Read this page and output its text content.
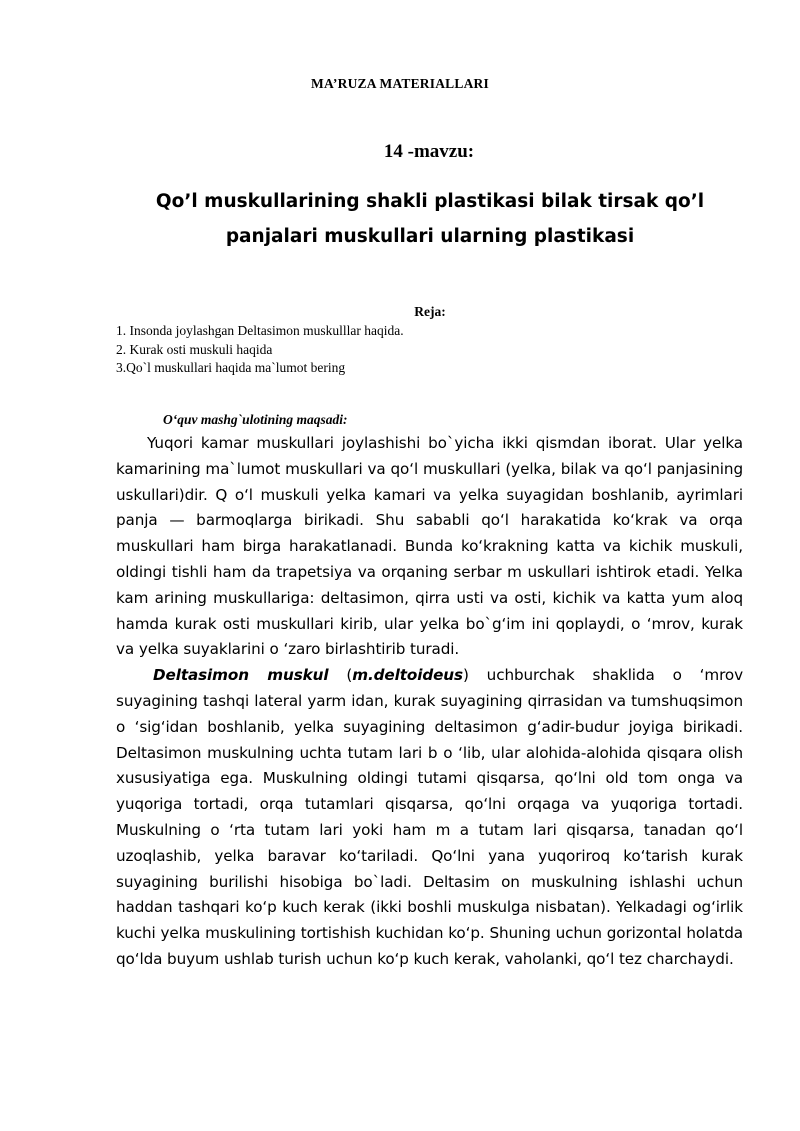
MA’RUZA MATERIALLARI
14 -mavzu:
Qo’l muskullarining shakli plastikasi bilak tirsak qo’l panjalari muskullari ularning plastikasi
Reja:
1. Insonda joylashgan Deltasimon muskulllar haqida.
2. Kurak osti muskuli haqida
3.Qo`l muskullari haqida ma`lumot bering
O‘quv mashg`ulotining maqsadi:

Yuqori kamar muskullari joylashishi bo`yicha ikki qismdan iborat. Ular yelka kamarining ma`lumot muskullari va qo‘l muskullari (yelka, bilak va qo‘l panjasining uskullari)dir. Q o‘l muskuli yelka kamari va yelka suyagidan boshlanib, ayrimlari panja — barmoqlarga birikadi. Shu sababli qo‘l harakatida ko‘krak va orqa muskullari ham birga harakatlanadi. Bunda ko‘krakning katta va kichik muskuli, oldingi tishli ham da trapetsiya va orqaning serbar m uskullari ishtirok etadi. Yelka kam arining muskullariga: deltasimon, qirra usti va osti, kichik va katta yum aloq hamda kurak osti muskullari kirib, ular yelka bo`g‘im ini qoplaydi, o ‘mrov, kurak va yelka suyaklarini o ‘zaro birlashtirib turadi.

Deltasimon muskul (m.deltoideus) uchburchak shaklida o ‘mrov suyagining tashqi lateral yarm idan, kurak suyagining qirrasidan va tumshuqsimon o ‘sig‘idan boshlanib, yelka suyagining deltasimon g‘adir-budur joyiga birikadi. Deltasimon muskulning uchta tutam lari b o ‘lib, ular alohida-alohida qisqara olish xususiyatiga ega. Muskulning oldingi tutami qisqarsa, qo‘lni old tom onga va yuqoriga tortadi, orqa tutamlari qisqarsa, qo‘lni orqaga va yuqoriga tortadi. Muskulning o ‘rta tutam lari yoki ham m a tutam lari qisqarsa, tanadan qo‘l uzoqlashib, yelka baravar ko‘tariladi. Qo‘lni yana yuqoriroq ko‘tarish kurak suyagining burilishi hisobiga bo`ladi. Deltasim on muskulning ishlashi uchun haddan tashqari ko‘p kuch kerak (ikki boshli muskulga nisbatan). Yelkadagi og‘irlik kuchi yelka muskulining tortishish kuchidan ko‘p. Shuning uchun gorizontal holatda qo‘lda buyum ushlab turish uchun ko‘p kuch kerak, vaholanki, qo‘l tez charchaydi.
